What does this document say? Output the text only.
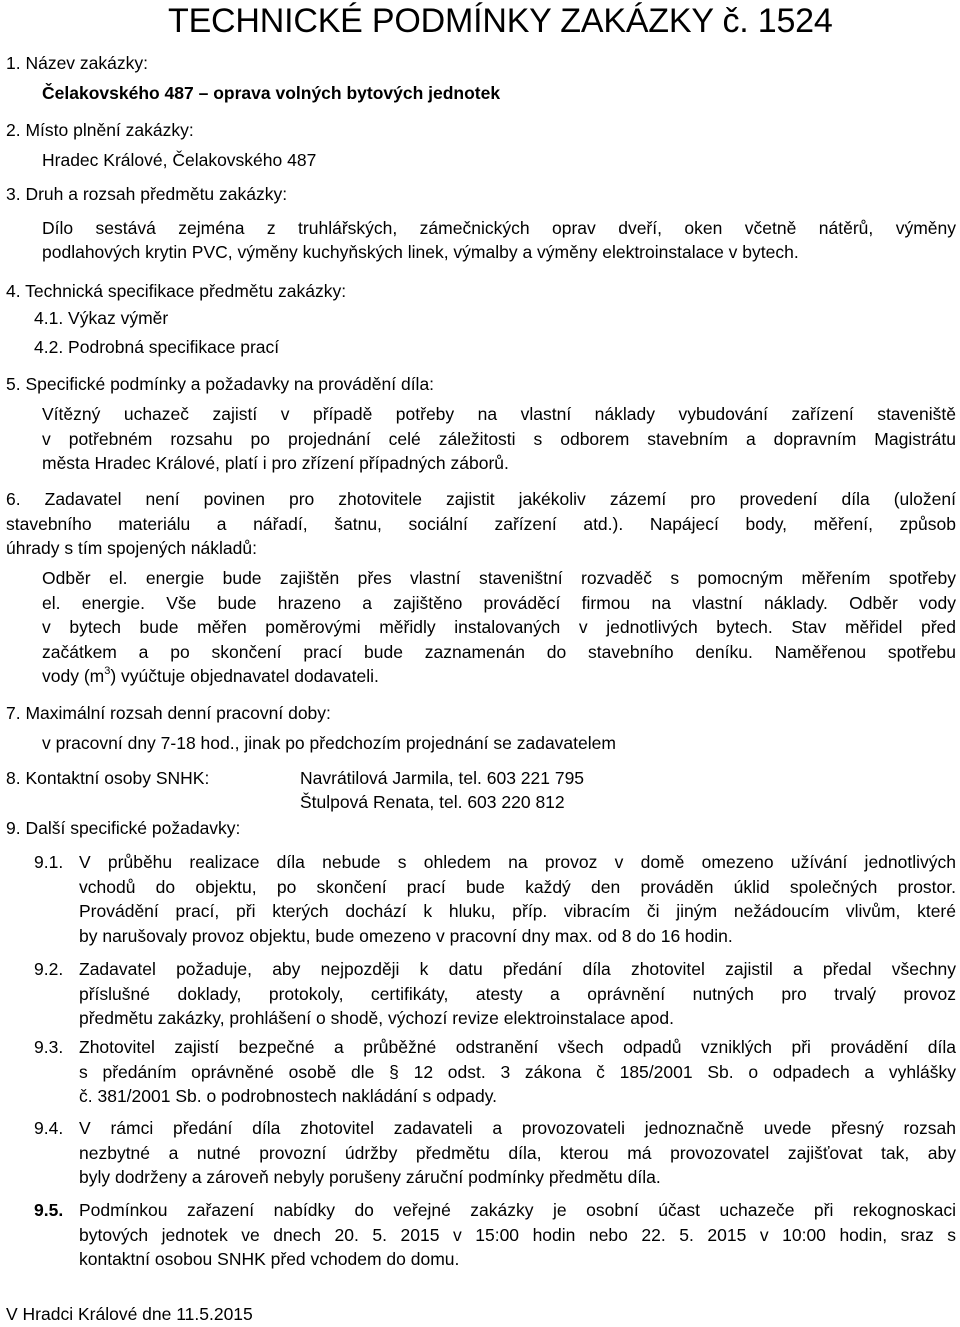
TECHNICKÉ PODMÍNKY ZAKÁZKY č. 1524
1. Název zakázky:
Čelakovského 487 – oprava volných bytových jednotek
2. Místo plnění zakázky:
Hradec Králové, Čelakovského 487
3. Druh a rozsah předmětu zakázky:
Dílo sestává zejména z truhlářských, zámečnických oprav dveří, oken včetně nátěrů, výměny
podlahových krytin PVC, výměny kuchyňských linek, výmalby a výměny elektroinstalace v bytech.
4. Technická specifikace předmětu zakázky:
4.1. Výkaz výměr
4.2. Podrobná specifikace prací
5. Specifické podmínky a požadavky na provádění díla:
Vítězný uchazeč zajistí v případě potřeby na vlastní náklady vybudování zařízení staveniště
v potřebném rozsahu po projednání celé záležitosti s odborem stavebním a dopravním Magistrátu
města Hradec Králové, platí i pro zřízení případných záborů.
6. Zadavatel není povinen pro zhotovitele zajistit jakékoliv zázemí pro provedení díla (uložení
stavebního materiálu a nářadí, šatnu, sociální zařízení atd.). Napájecí body, měření, způsob
úhrady s tím spojených nákladů:
Odběr el. energie bude zajištěn přes vlastní staveništní rozvaděč s pomocným měřením spotřeby
el. energie. Vše bude hrazeno a zajištěno prováděcí firmou na vlastní náklady. Odběr vody
v bytech bude měřen poměrovými měřidly instalovaných v jednotlivých bytech. Stav měřidel před
začátkem a po skončení prací bude zaznamenán do stavebního deníku. Naměřenou spotřebu
vody $(m^3)$ vyúčtuje objednavatel dodavateli.
7. Maximální rozsah denní pracovní doby:
v pracovní dny 7-18 hod., jinak po předchozím projednání se zadavatelem
8. Kontaktní osoby SNHK:	Navrátilová Jarmila, tel. 603 221 795
Štulpová Renata, tel. 603 220 812
9. Další specifické požadavky:
9.1. V průběhu realizace díla nebude s ohledem na provoz v domě omezeno užívání jednotlivých
vchodů do objektu, po skončení prací bude každý den prováděn úklid společných prostor.
Provádění prací, při kterých dochází k hluku, příp. vibracím či jiným nežádoucím vlivům, které
by narušovaly provoz objektu, bude omezeno v pracovní dny max. od 8 do 16 hodin.
9.2. Zadavatel požaduje, aby nejpozději k datu předání díla zhotovitel zajistil a předal všechny
příslušné doklady, protokoly, certifikáty, atesty a oprávnění nutných pro trvalý provoz
předmětu zakázky, prohlášení o shodě, výchozí revize elektroinstalace apod.
9.3. Zhotovitel zajistí bezpečné a průběžné odstranění všech odpadů vzniklých při provádění díla
s předáním oprávněné osobě dle § 12 odst. 3 zákona č 185/2001 Sb. o odpadech a vyhlášky
č. 381/2001 Sb. o podrobnostech nakládání s odpady.
9.4. V rámci předání díla zhotovitel zadavateli a provozovateli jednoznačně uvede přesný rozsah
nezbytné a nutné provozní údržby předmětu díla, kterou má provozovatel zajišťovat tak, aby
byly dodrženy a zároveň nebyly porušeny záruční podmínky předmětu díla.
9.5. Podmínkou zařazení nabídky do veřejné zakázky je osobní účast uchazeče při rekognoskaci
bytových jednotek ve dnech 20. 5. 2015 v 15:00 hodin nebo 22. 5. 2015 v 10:00 hodin, sraz s
kontaktní osobou SNHK před vchodem do domu.
V Hradci Králové dne 11.5.2015
